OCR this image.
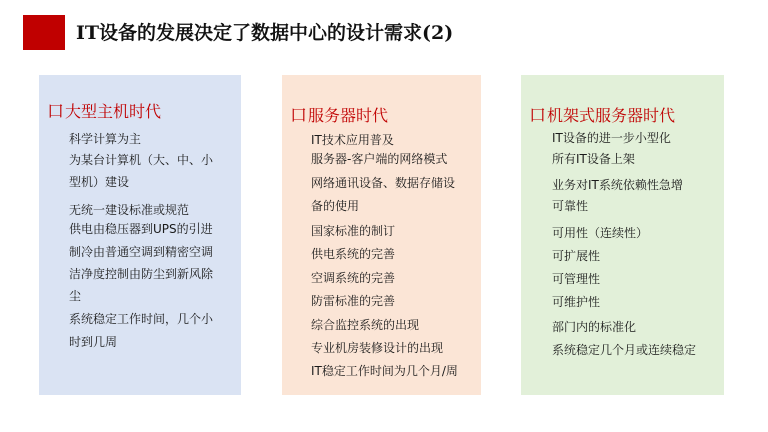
IT设备的发展决定了数据中心的设计需求(2)
口大型主机时代
科学计算为主
为某台计算机（大、中、小
型机）建设
无统一建设标准或规范
供电由稳压器到UPS的引进
制冷由普通空调到精密空调
洁净度控制由防尘到新风除
尘
系统稳定工作时间，几个小
时到几周
口服务器时代
IT技术应用普及
服务器-客户端的网络模式
网络通讯设备、数据存储设
备的使用
国家标准的制订
供电系统的完善
空调系统的完善
防雷标准的完善
综合监控系统的出现
专业机房装修设计的出现
IT稳定工作时间为几个月/周
口机架式服务器时代
IT设备的进一步小型化
所有IT设备上架
业务对IT系统依赖性急增
可靠性
可用性（连续性）
可扩展性
可管理性
可维护性
部门内的标准化
系统稳定几个月或连续稳定
